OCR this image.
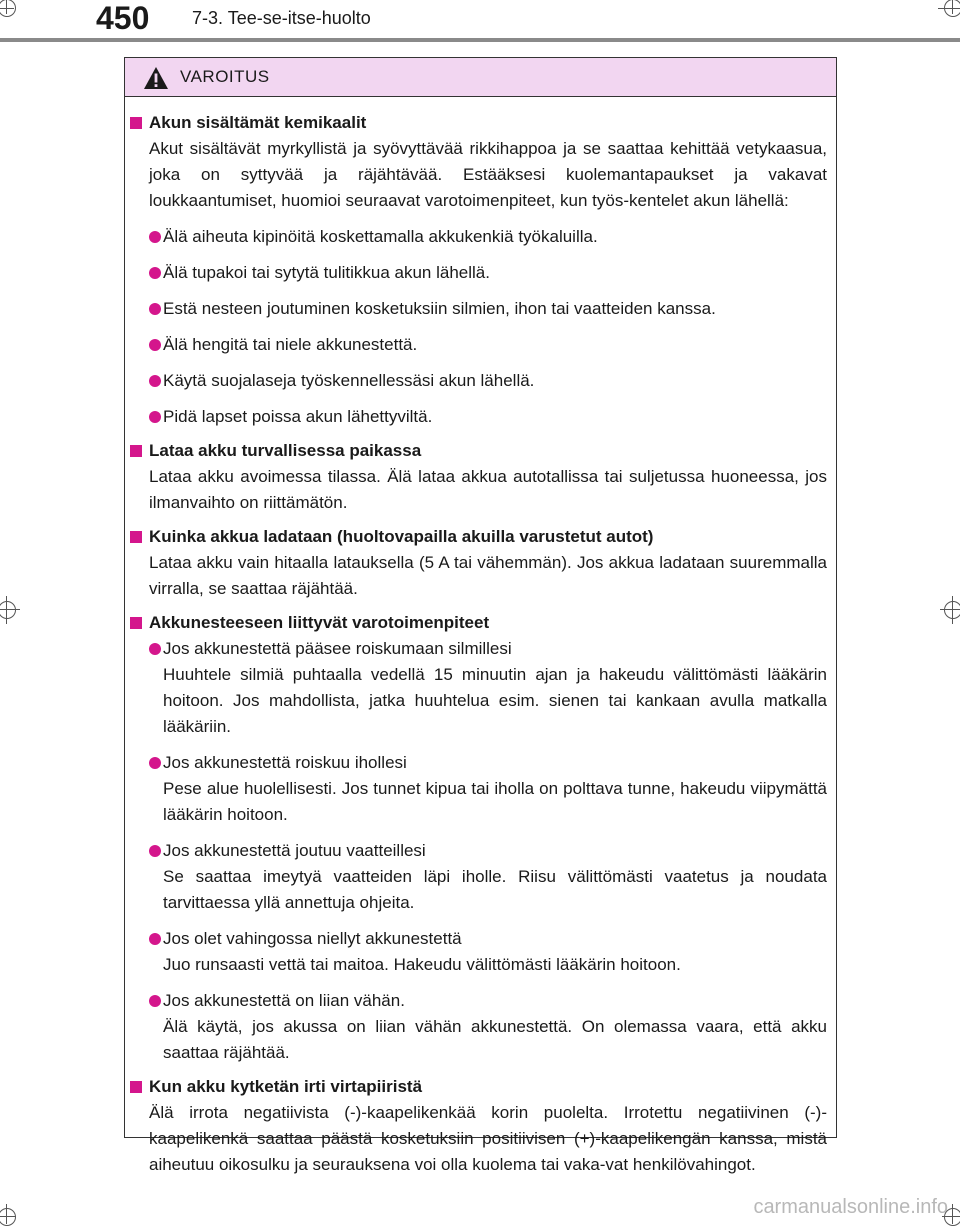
450 7-3. Tee-se-itse-huolto
VAROITUS
Akun sisältämät kemikaalit

Akut sisältävät myrkyllistä ja syövyttävää rikkihappoa ja se saattaa kehittää vetykaasua, joka on syttyvää ja räjähtävää. Estääksesi kuolemantapaukset ja vakavat loukkaantumiset, huomioi seuraavat varotoimenpiteet, kun työs-kentelet akun lähellä:

Älä aiheuta kipinöitä koskettamalla akkukenkiä työkaluilla.
Älä tupakoi tai sytytä tulitikkua akun lähellä.
Estä nesteen joutuminen kosketuksiin silmien, ihon tai vaatteiden kanssa.
Älä hengitä tai niele akkunestettä.
Käytä suojalaseja työskennellessäsi akun lähellä.
Pidä lapset poissa akun lähettyviltä.
Lataa akku turvallisessa paikassa

Lataa akku avoimessa tilassa. Älä lataa akkua autotallissa tai suljetussa huoneessa, jos ilmanvaihto on riittämätön.

Kuinka akkua ladataan (huoltovapailla akuilla varustetut autot)

Lataa akku vain hitaalla latauksella (5 A tai vähemmän). Jos akkua ladataan suuremmalla virralla, se saattaa räjähtää.

Akkunesteeseen liittyvät varotoimenpiteet
Jos akkunestettä pääsee roiskumaan silmillesi
Huuhtele silmiä puhtaalla vedellä 15 minuutin ajan ja hakeudu välittömästi lääkärin hoitoon. Jos mahdollista, jatka huuhtelua esim. sienen tai kankaan avulla matkalla lääkäriin.
Jos akkunestettä roiskuu ihollesi
Pese alue huolellisesti. Jos tunnet kipua tai iholla on polttava tunne, hakeudu viipymättä lääkärin hoitoon.
Jos akkunestettä joutuu vaatteillesi
Se saattaa imeytyä vaatteiden läpi iholle. Riisu välittömästi vaatetus ja noudata tarvittaessa yllä annettuja ohjeita.
Jos olet vahingossa niellyt akkunestettä
Juo runsaasti vettä tai maitoa. Hakeudu välittömästi lääkärin hoitoon.
Jos akkunestettä on liian vähän.
Älä käytä, jos akussa on liian vähän akkunestettä. On olemassa vaara, että akku saattaa räjähtää.
Kun akku kytketän irti virtapiiristä

Älä irrota negatiivista (-)-kaapelikenkää korin puolelta. Irrotettu negatiivinen (-)-kaapelikenkä saattaa päästä kosketuksiin positiivisen (+)-kaapelikengän kanssa, mistä aiheutuu oikosulku ja seurauksena voi olla kuolema tai vaka-vat henkilövahingot.

carmanualsonline.info
